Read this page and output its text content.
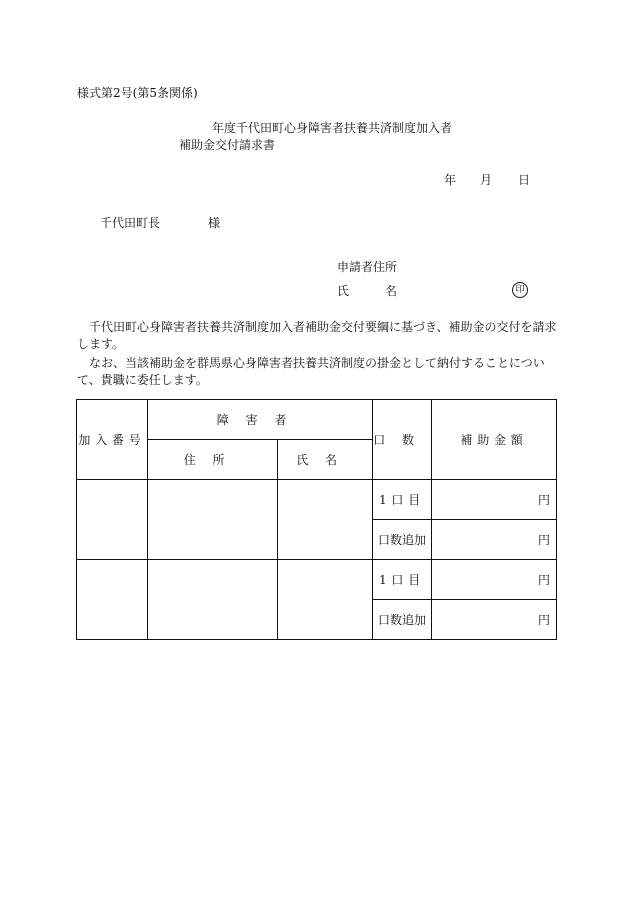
様式第2号(第5条関係)
年度千代田町心身障害者扶養共済制度加入者
補助金交付請求書
年 月 日
千代田町長	様
申請者住所
氏	名	印
千代田町心身障害者扶養共済制度加入者補助金交付要綱に基づき、補助金の交付を請求します。
なお、当該補助金を群馬県心身障害者扶養共済制度の掛金として納付することについて、貴職に委任します。
加入番号	障害者		口数	補助金額
	住所	氏名		
			1口目	円
			口数追加	円
			1口目	円
			口数追加	円
